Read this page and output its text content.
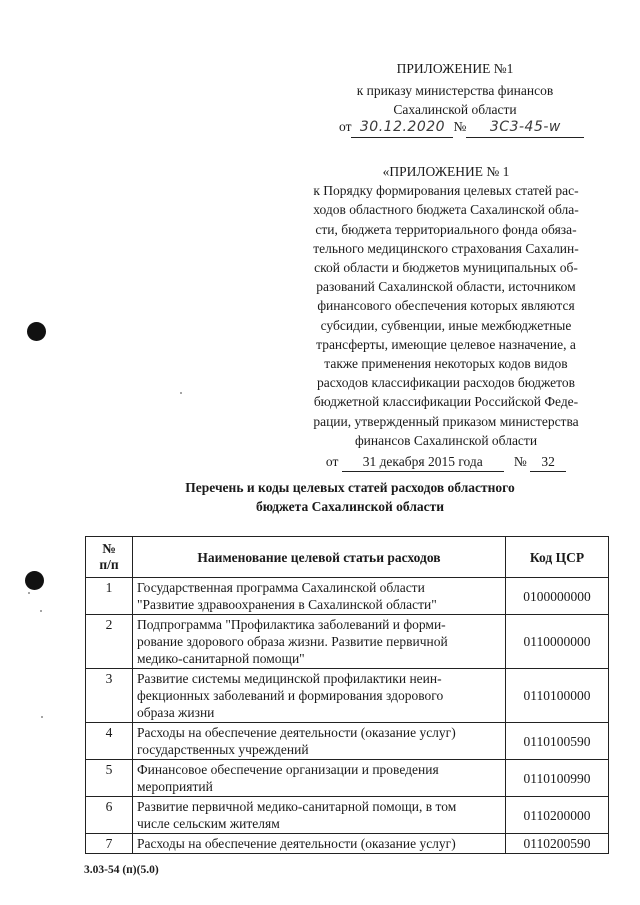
ПРИЛОЖЕНИЕ №1
к приказу министерства финансов
Сахалинской области
от 30.12.2020 № 3С3-45-w
«ПРИЛОЖЕНИЕ № 1
к Порядку формирования целевых статей рас-
ходов областного бюджета Сахалинской обла-
сти, бюджета территориального фонда обяза-
тельного медицинского страхования Сахалин-
ской области и бюджетов муниципальных об-
разований Сахалинской области, источником
финансового обеспечения которых являются
субсидии, субвенции, иные межбюджетные
трансферты, имеющие целевое назначение, а
также применения некоторых кодов видов
расходов классификации расходов бюджетов
бюджетной классификации Российской Феде-
рации, утвержденный приказом министерства
финансов Сахалинской области
от 31 декабря 2015 года № 32
Перечень и коды целевых статей расходов областного
бюджета Сахалинской области
№
п/п	Наименование целевой статьи расходов	Код ЦСР
1	Государственная программа Сахалинской области
"Развитие здравоохранения в Сахалинской области"	0100000000
2	Подпрограмма "Профилактика заболеваний и форми-
рование здорового образа жизни. Развитие первичной
медико-санитарной помощи"	0110000000
3	Развитие системы медицинской профилактики неин-
фекционных заболеваний и формирования здорового
образа жизни	0110100000
4	Расходы на обеспечение деятельности (оказание услуг)
государственных учреждений	0110100590
5	Финансовое обеспечение организации и проведения
мероприятий	0110100990
6	Развитие первичной медико-санитарной помощи, в том
числе сельским жителям	0110200000
7	Расходы на обеспечение деятельности (оказание услуг)	0110200590
3.03-54 (п)(5.0)
